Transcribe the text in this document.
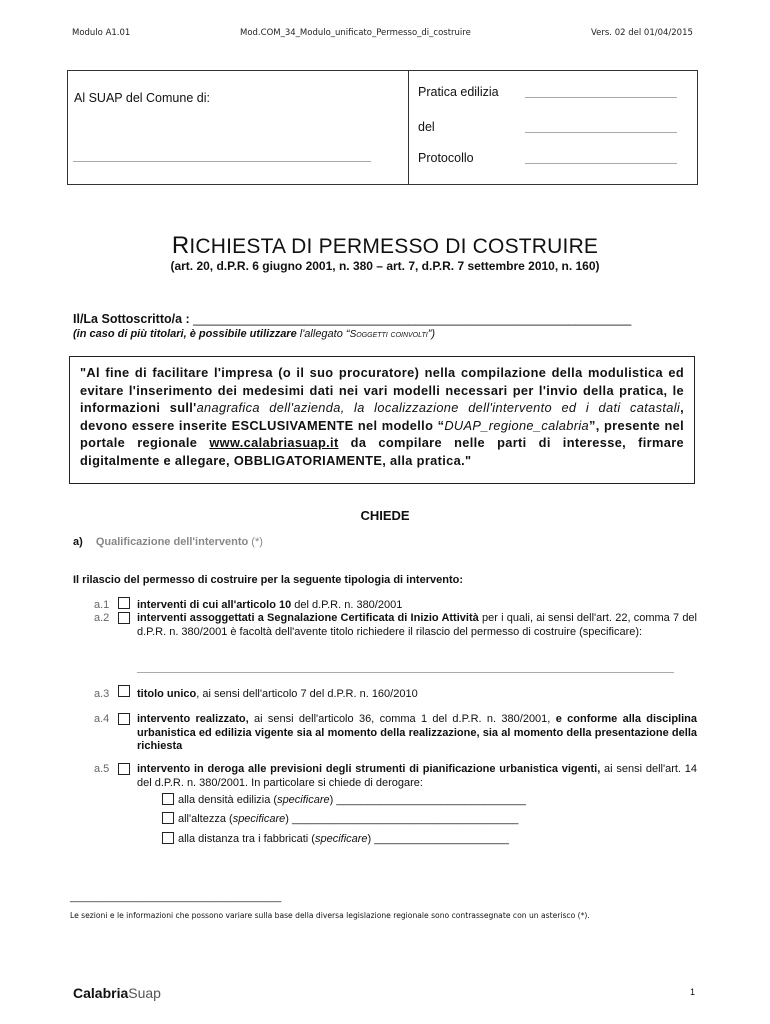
Modulo A1.01	Mod.COM_34_Modulo_unificato_Permesso_di_costruire	Vers. 02 del 01/04/2015
Al SUAP del Comune di:	Pratica edilizia
del
Protocollo
RICHIESTA DI PERMESSO DI COSTRUIRE
(art. 20, d.P.R. 6 giugno 2001, n. 380 – art. 7, d.P.R. 7 settembre 2010, n. 160)
Il/La Sottoscritto/a : _______________________________________________________________
(in caso di più titolari, è possibile utilizzare l'allegato “Soggetti coinvolti”)
"Al fine di facilitare l'impresa (o il suo procuratore) nella compilazione della modulistica ed evitare l'inserimento dei medesimi dati nei vari modelli necessari per l'invio della pratica, le informazioni sull'anagrafica dell'azienda, la localizzazione dell'intervento ed i dati catastali, devono essere inserite ESCLUSIVAMENTE nel modello “DUAP_regione_calabria”, presente nel portale regionale www.calabriasuap.it da compilare nelle parti di interesse, firmare digitalmente e allegare, OBBLIGATORIAMENTE, alla pratica."
CHIEDE
a) Qualificazione dell'intervento (*)
Il rilascio del permesso di costruire per la seguente tipologia di intervento:
a.1	interventi di cui all'articolo 10 del d.P.R. n. 380/2001
a.2	interventi assoggettati a Segnalazione Certificata di Inizio Attività per i quali, ai sensi dell'art. 22, comma 7 del d.P.R. n. 380/2001 è facoltà dell'avente titolo richiedere il rilascio del permesso di costruire (specificare):
a.3	titolo unico, ai sensi dell'articolo 7 del d.P.R. n. 160/2010
a.4	intervento realizzato, ai sensi dell'articolo 36, comma 1 del d.P.R. n. 380/2001, e conforme alla disciplina urbanistica ed edilizia vigente sia al momento della realizzazione, sia al momento della presentazione della richiesta
a.5	intervento in deroga alle previsioni degli strumenti di pianificazione urbanistica vigenti, ai sensi dell'art. 14 del d.P.R. n. 380/2001. In particolare si chiede di derogare:
alla densità edilizia (specificare) _______________________________
all'altezza (specificare) _____________________________________
alla distanza tra i fabbricati (specificare) ______________________
______________________________________
Le sezioni e le informazioni che possono variare sulla base della diversa legislazione regionale sono contrassegnate con un asterisco (*).
CalabriaSuap	1
